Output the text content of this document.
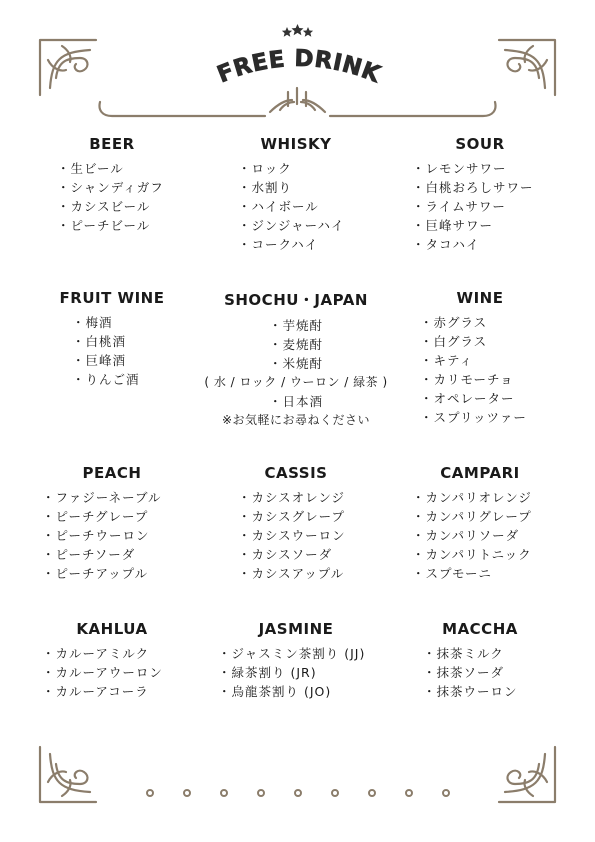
FREE DRINK
BEER
・ 生ビール
・ シャンディガフ
・ カシスビール
・ ピーチビール
WHISKY
・ ロック
・ 水割り
・ ハイボール
・ ジンジャーハイ
・ コークハイ
SOUR
・ レモンサワー
・ 白桃おろしサワー
・ ライムサワー
・ 巨峰サワー
・ タコハイ
FRUIT WINE
・ 梅酒
・ 白桃酒
・ 巨峰酒
・ りんご酒
SHOCHU・JAPAN
・ 芋焼酎
・ 麦焼酎
・ 米焼酎
( 水 / ロック / ウーロン / 緑茶 )
・ 日本酒
※お気軽にお尋ねください
WINE
・ 赤グラス
・ 白グラス
・ キティ
・ カリモーチョ
・ オペレーター
・ スプリッツァー
PEACH
・ ファジーネーブル
・ ピーチグレープ
・ ピーチウーロン
・ ピーチソーダ
・ ピーチアップル
CASSIS
・ カシスオレンジ
・ カシスグレープ
・ カシスウーロン
・ カシスソーダ
・ カシスアップル
CAMPARI
・ カンパリオレンジ
・ カンパリグレープ
・ カンパリソーダ
・ カンパリトニック
・ スプモーニ
KAHLUA
・ カルーアミルク
・ カルーアウーロン
・ カルーアコーラ
JASMINE
・ ジャスミン茶割り (JJ)
・ 緑茶割り (JR)
・ 烏龍茶割り (JO)
MACCHA
・ 抹茶ミルク
・ 抹茶ソーダ
・ 抹茶ウーロン
